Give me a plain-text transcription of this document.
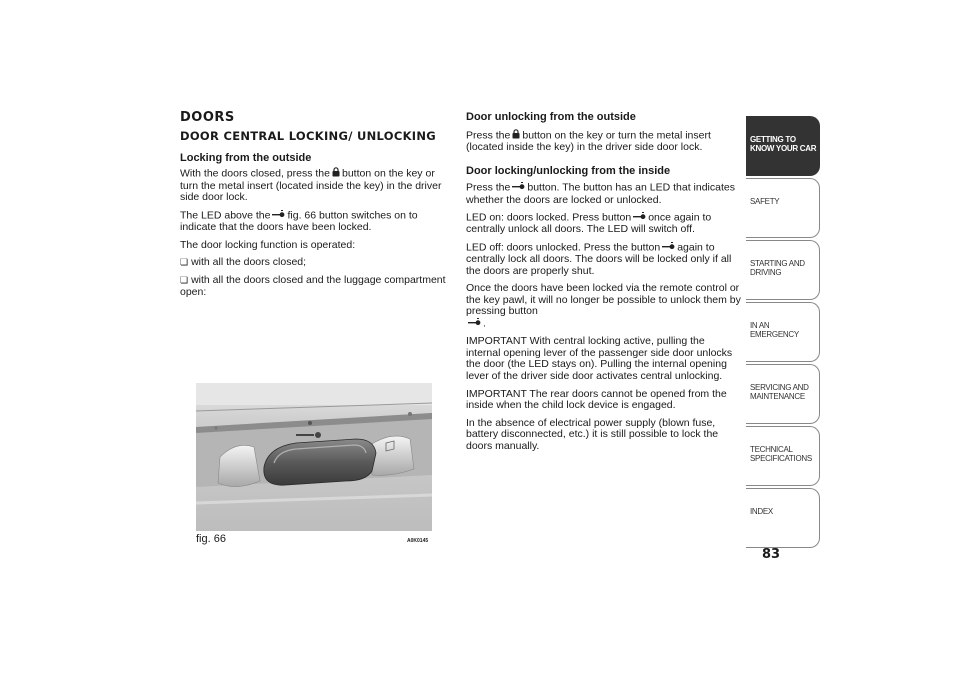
DOORS
DOOR CENTRAL LOCKING/ UNLOCKING
Locking from the outside

With the doors closed, press the button on the key or turn the metal insert (located inside the key) in the driver side door lock.

The LED above the fig. 66 button switches on to indicate that the doors have been locked.

The door locking function is operated:

❏ with all the doors closed;

❏ with all the doors closed and the luggage compartment open:

fig. 66	A0K0145
Door unlocking from the outside

Press the button on the key or turn the metal insert (located inside the key) in the driver side door lock.

Door locking/unlocking from the inside

Press the button. The button has an LED that indicates whether the doors are locked or unlocked.

LED on: doors locked. Press button once again to centrally unlock all doors. The LED will switch off.

LED off: doors unlocked. Press the button again to centrally lock all doors. The doors will be locked only if all the doors are properly shut.

Once the doors have been locked via the remote control or the key pawl, it will no longer be possible to unlock them by pressing button
.

IMPORTANT With central locking active, pulling the internal opening lever of the passenger side door unlocks the door (the LED stays on). Pulling the internal opening lever of the driver side door activates central unlocking.

IMPORTANT The rear doors cannot be opened from the inside when the child lock device is engaged.

In the absence of electrical power supply (blown fuse, battery disconnected, etc.) it is still possible to lock the doors manually.

GETTING TO KNOW YOUR CAR
SAFETY
STARTING AND DRIVING
IN AN EMERGENCY
SERVICING AND MAINTENANCE
TECHNICAL SPECIFICATIONS
INDEX
83
